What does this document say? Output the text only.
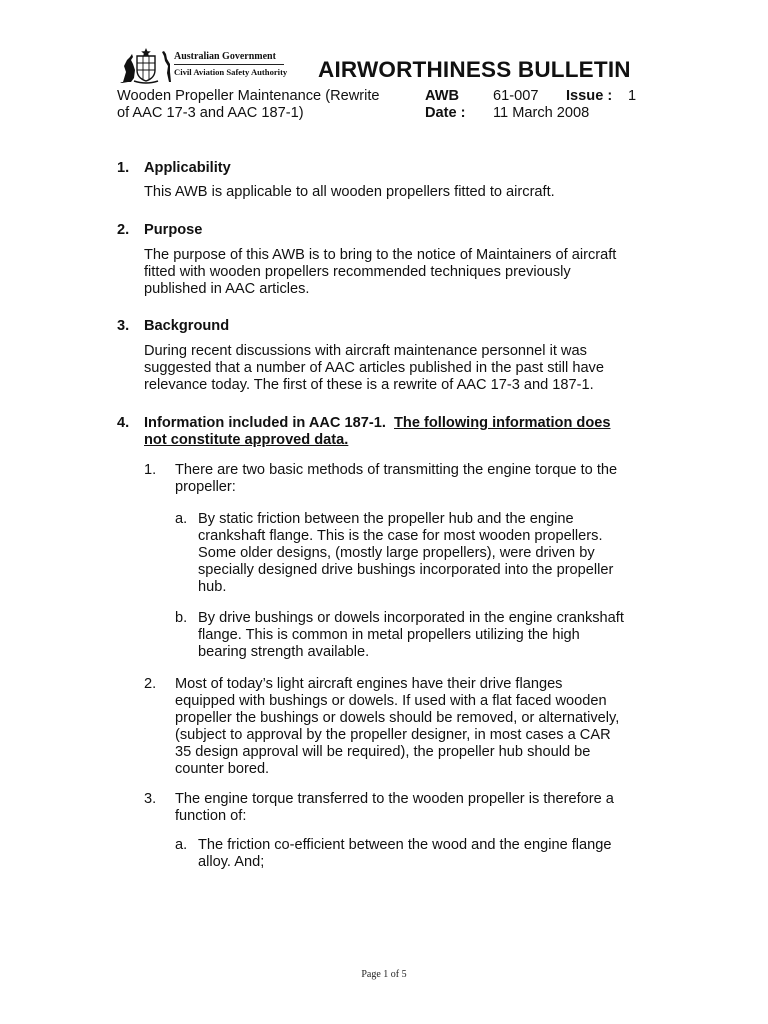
Australian Government
Civil Aviation Safety Authority AIRWORTHINESS BULLETIN
Wooden Propeller Maintenance (Rewrite
of AAC 17-3 and AAC 187-1)
AWB 61-007 Issue : 1
Date : 11 March 2008
1. Applicability
This AWB is applicable to all wooden propellers fitted to aircraft.
2. Purpose
The purpose of this AWB is to bring to the notice of Maintainers of aircraft
fitted with wooden propellers recommended techniques previously
published in AAC articles.
3. Background
During recent discussions with aircraft maintenance personnel it was
suggested that a number of AAC articles published in the past still have
relevance today. The first of these is a rewrite of AAC 17-3 and 187-1.
4. Information included in AAC 187-1. The following information does
not constitute approved data.
1. There are two basic methods of transmitting the engine torque to the
propeller:
a. By static friction between the propeller hub and the engine
crankshaft flange. This is the case for most wooden propellers.
Some older designs, (mostly large propellers), were driven by
specially designed drive bushings incorporated into the propeller
hub.
b. By drive bushings or dowels incorporated in the engine crankshaft
flange. This is common in metal propellers utilizing the high
bearing strength available.
2. Most of today’s light aircraft engines have their drive flanges
equipped with bushings or dowels. If used with a flat faced wooden
propeller the bushings or dowels should be removed, or alternatively,
(subject to approval by the propeller designer, in most cases a CAR
35 design approval will be required), the propeller hub should be
counter bored.
3. The engine torque transferred to the wooden propeller is therefore a
function of:
a. The friction co-efficient between the wood and the engine flange
alloy. And;
Page 1 of 5
